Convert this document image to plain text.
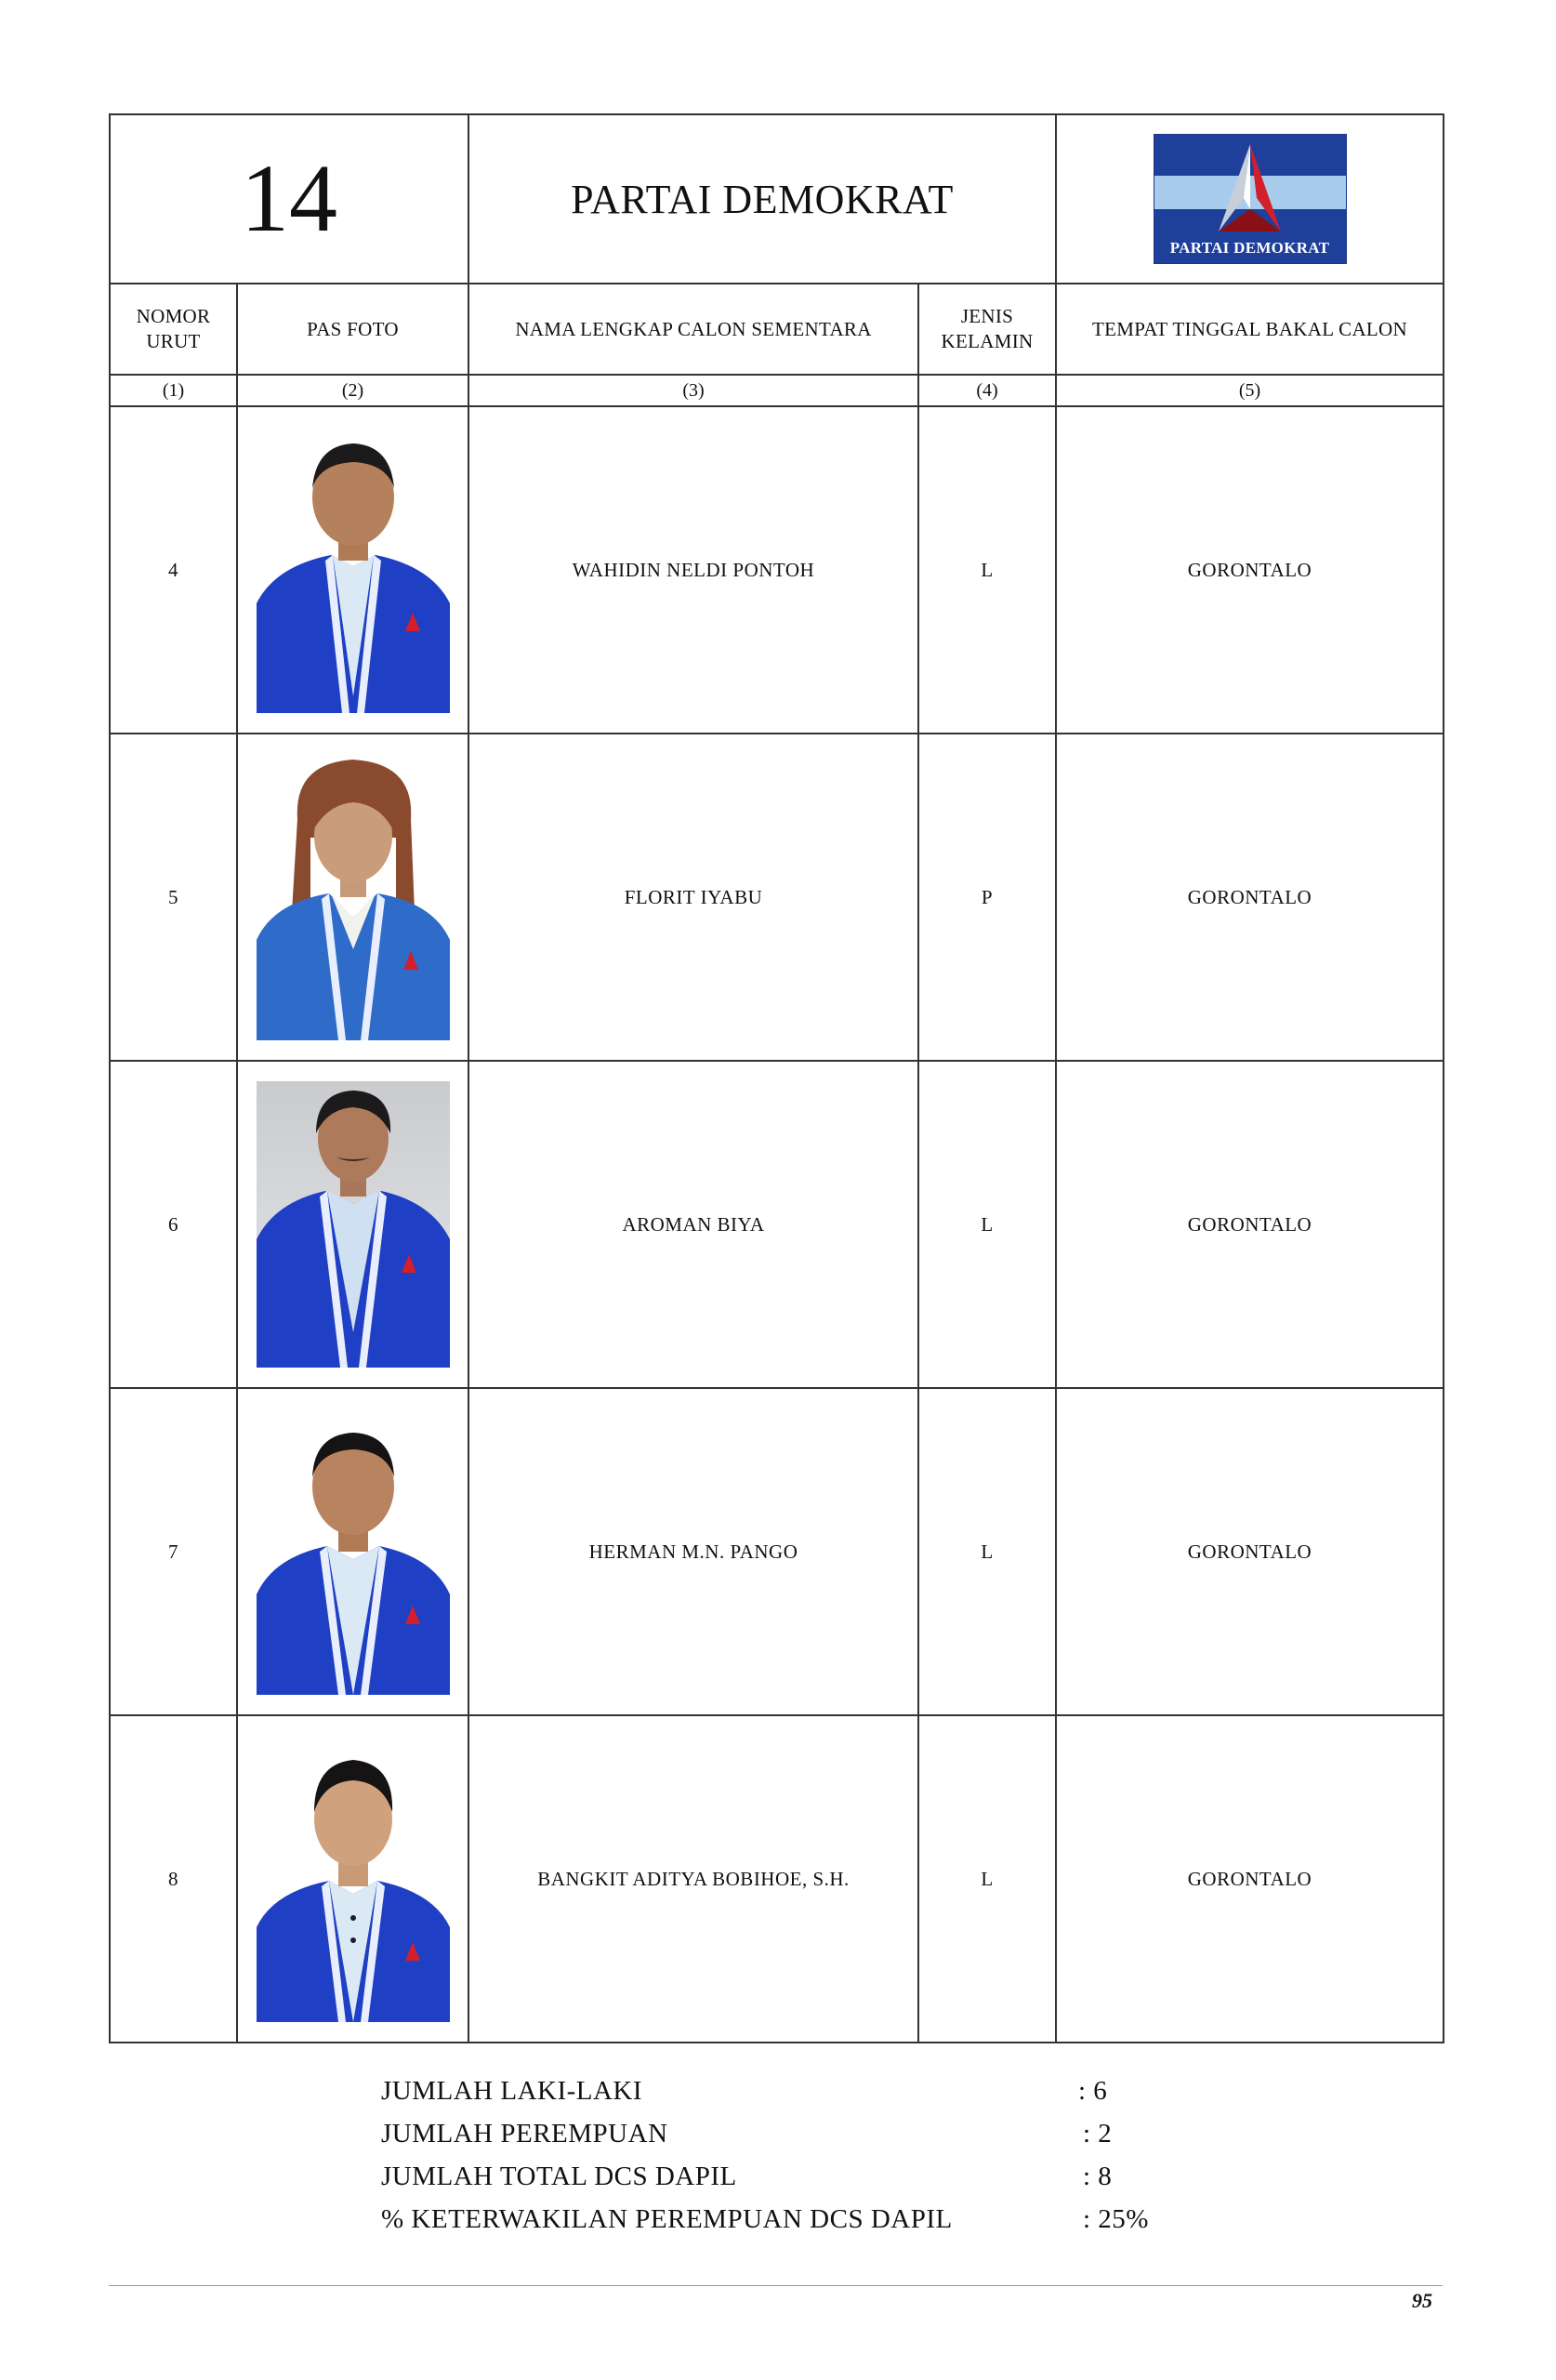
14		PARTAI DEMOKRAT		PARTAI DEMOKRAT

NOMOR URUT	PAS FOTO	NAMA LENGKAP CALON SEMENTARA	JENIS KELAMIN	TEMPAT TINGGAL BAKAL CALON
(1)	(2)	(3)	(4)	(5)
4		WAHIDIN NELDI PONTOH	L	GORONTALO
5		FLORIT IYABU	P	GORONTALO
6		AROMAN BIYA	L	GORONTALO
7		HERMAN M.N. PANGO	L	GORONTALO
8		BANGKIT ADITYA BOBIHOE, S.H.	L	GORONTALO
JUMLAH LAKI-LAKI	: 6
JUMLAH PEREMPUAN	: 2
JUMLAH TOTAL DCS DAPIL	: 8
% KETERWAKILAN PEREMPUAN DCS DAPIL	: 25%
95
